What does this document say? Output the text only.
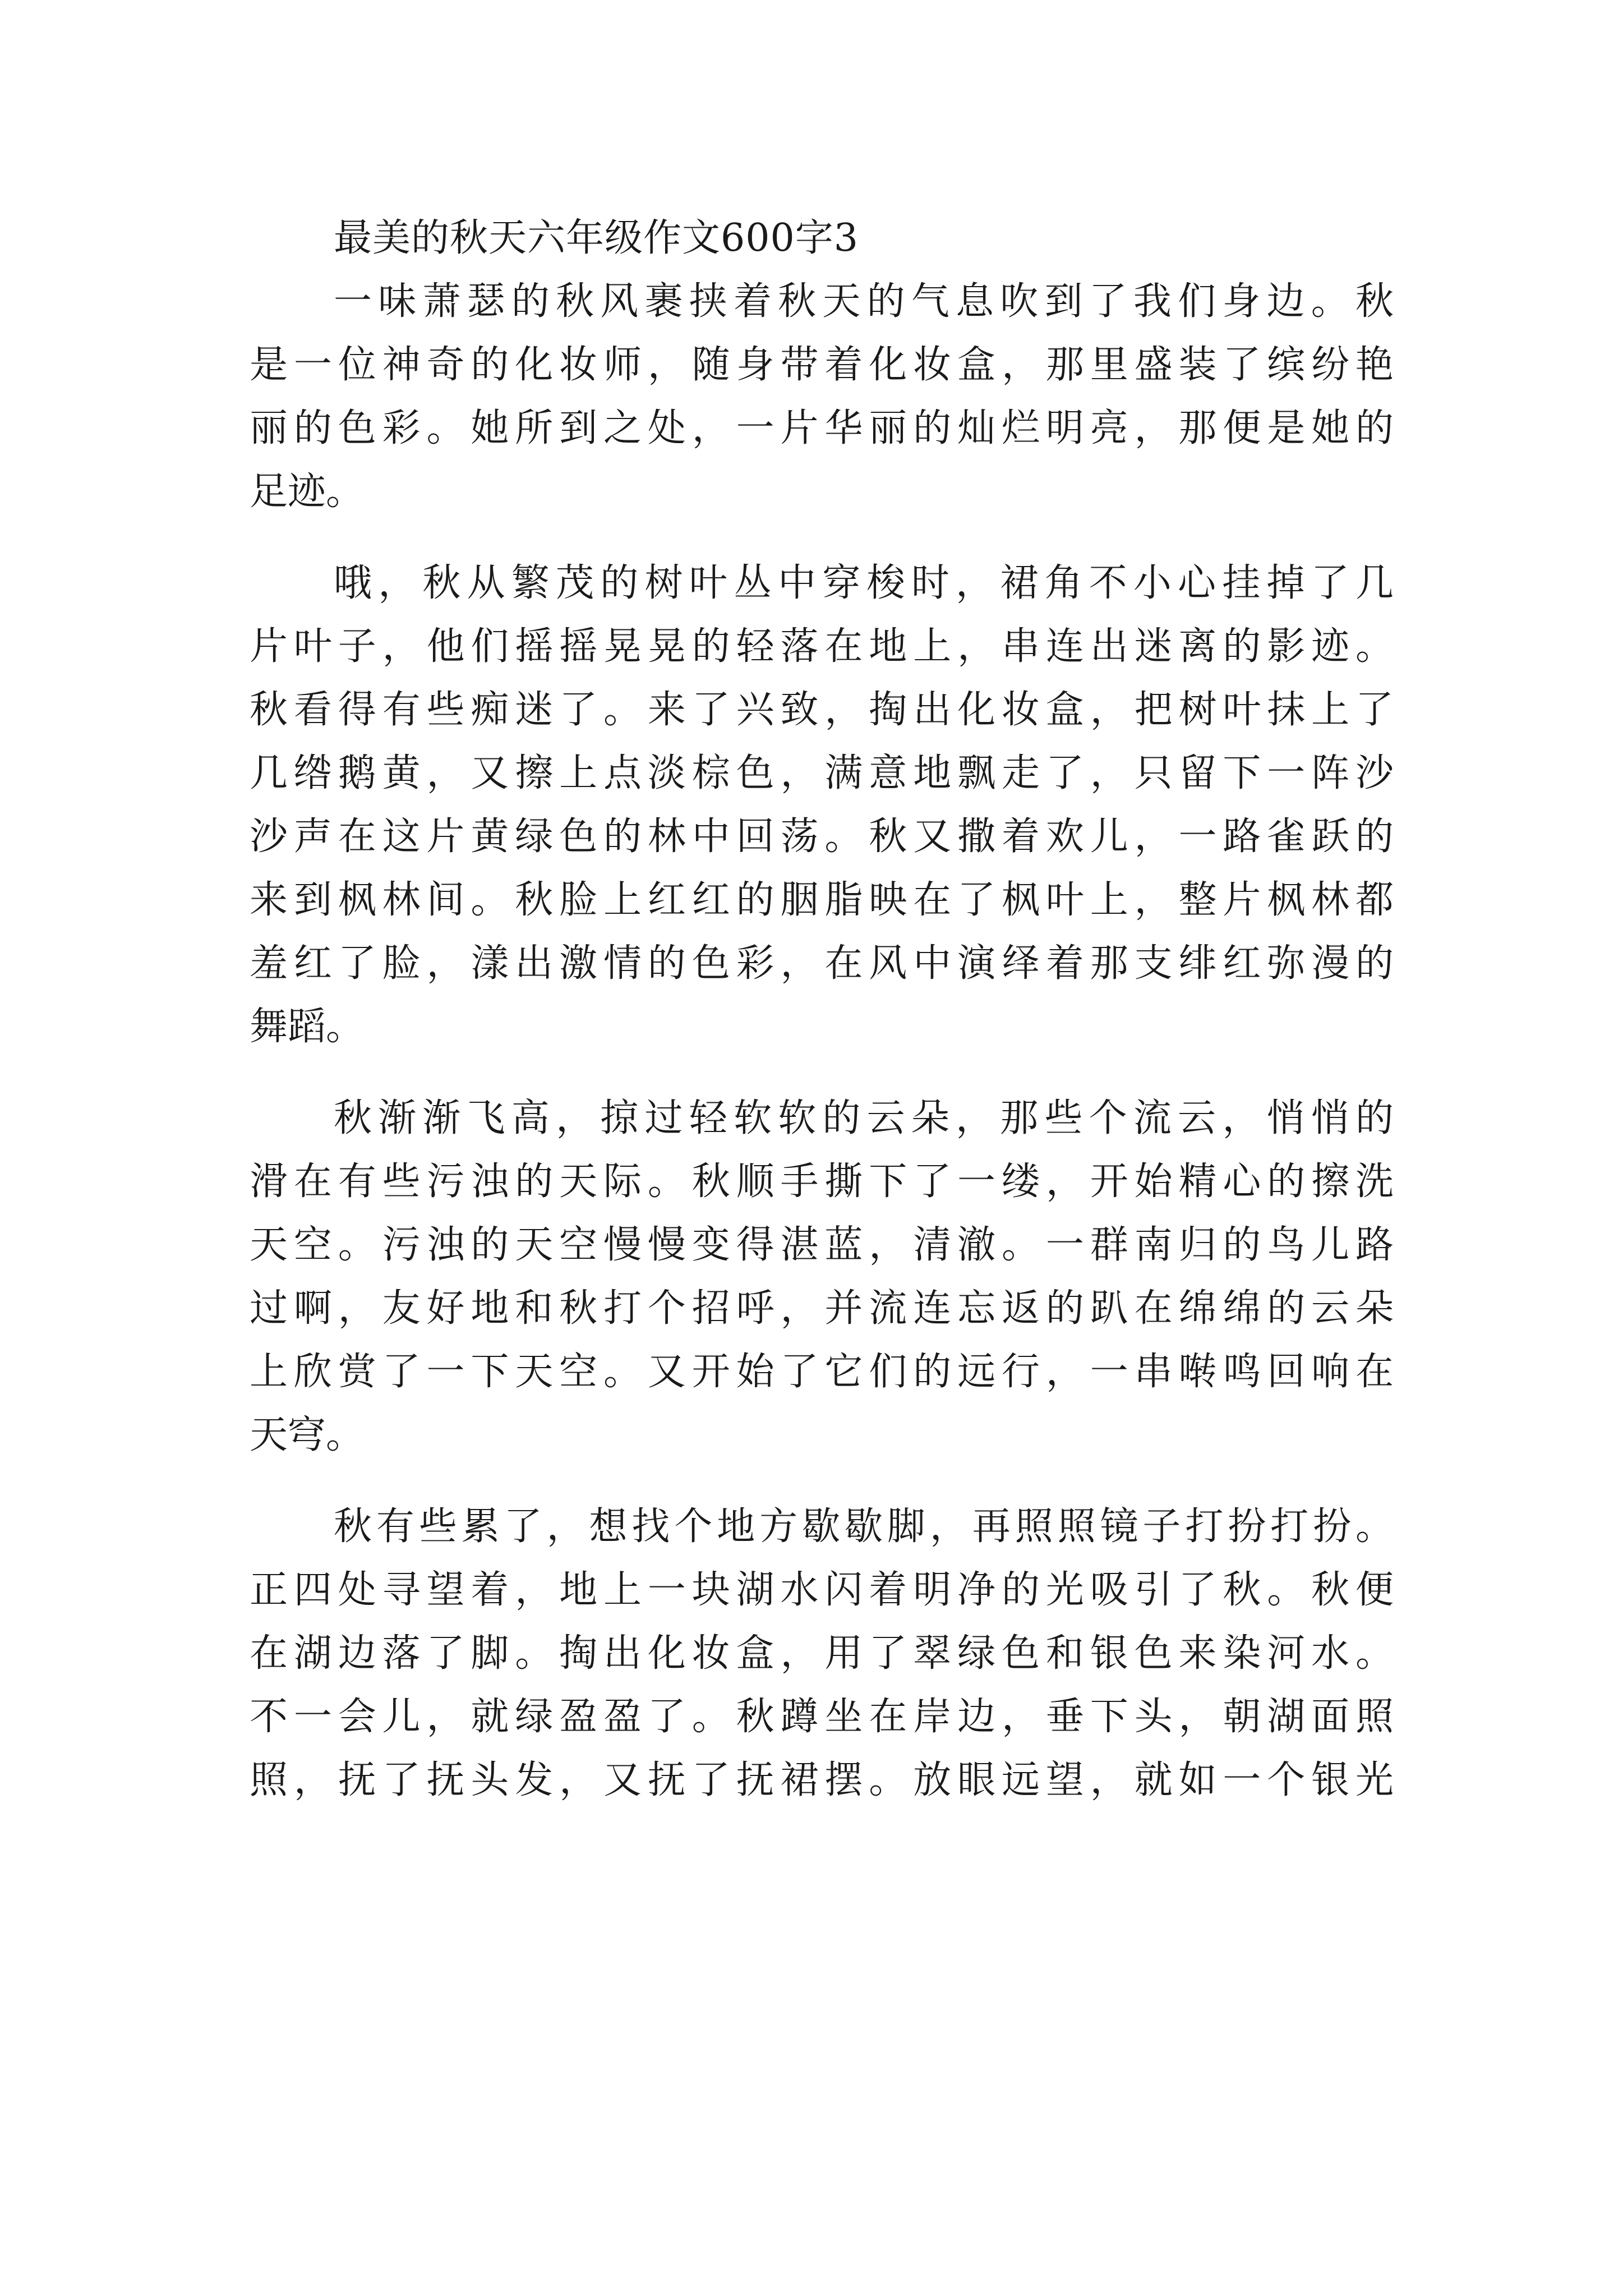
最美的秋天六年级作文600字3
一味萧瑟的秋风裹挟着秋天的气息吹到了我们身边。秋
是一位神奇的化妆师，随身带着化妆盒，那里盛装了缤纷艳
丽的色彩。她所到之处，一片华丽的灿烂明亮，那便是她的
足迹。
哦，秋从繁茂的树叶丛中穿梭时，裙角不小心挂掉了几
片叶子，他们摇摇晃晃的轻落在地上，串连出迷离的影迹。
秋看得有些痴迷了。来了兴致，掏出化妆盒，把树叶抹上了
几绺鹅黄，又擦上点淡棕色，满意地飘走了，只留下一阵沙
沙声在这片黄绿色的林中回荡。秋又撒着欢儿，一路雀跃的
来到枫林间。秋脸上红红的胭脂映在了枫叶上，整片枫林都
羞红了脸，漾出激情的色彩，在风中演绎着那支绯红弥漫的
舞蹈。
秋渐渐飞高，掠过轻软软的云朵，那些个流云，悄悄的
滑在有些污浊的天际。秋顺手撕下了一缕，开始精心的擦洗
天空。污浊的天空慢慢变得湛蓝，清澈。一群南归的鸟儿路
过啊，友好地和秋打个招呼，并流连忘返的趴在绵绵的云朵
上欣赏了一下天空。又开始了它们的远行，一串啭鸣回响在
天穹。
秋有些累了，想找个地方歇歇脚，再照照镜子打扮打扮。
正四处寻望着，地上一块湖水闪着明净的光吸引了秋。秋便
在湖边落了脚。掏出化妆盒，用了翠绿色和银色来染河水。
不一会儿，就绿盈盈了。秋蹲坐在岸边，垂下头，朝湖面照
照，抚了抚头发，又抚了抚裙摆。放眼远望，就如一个银光
